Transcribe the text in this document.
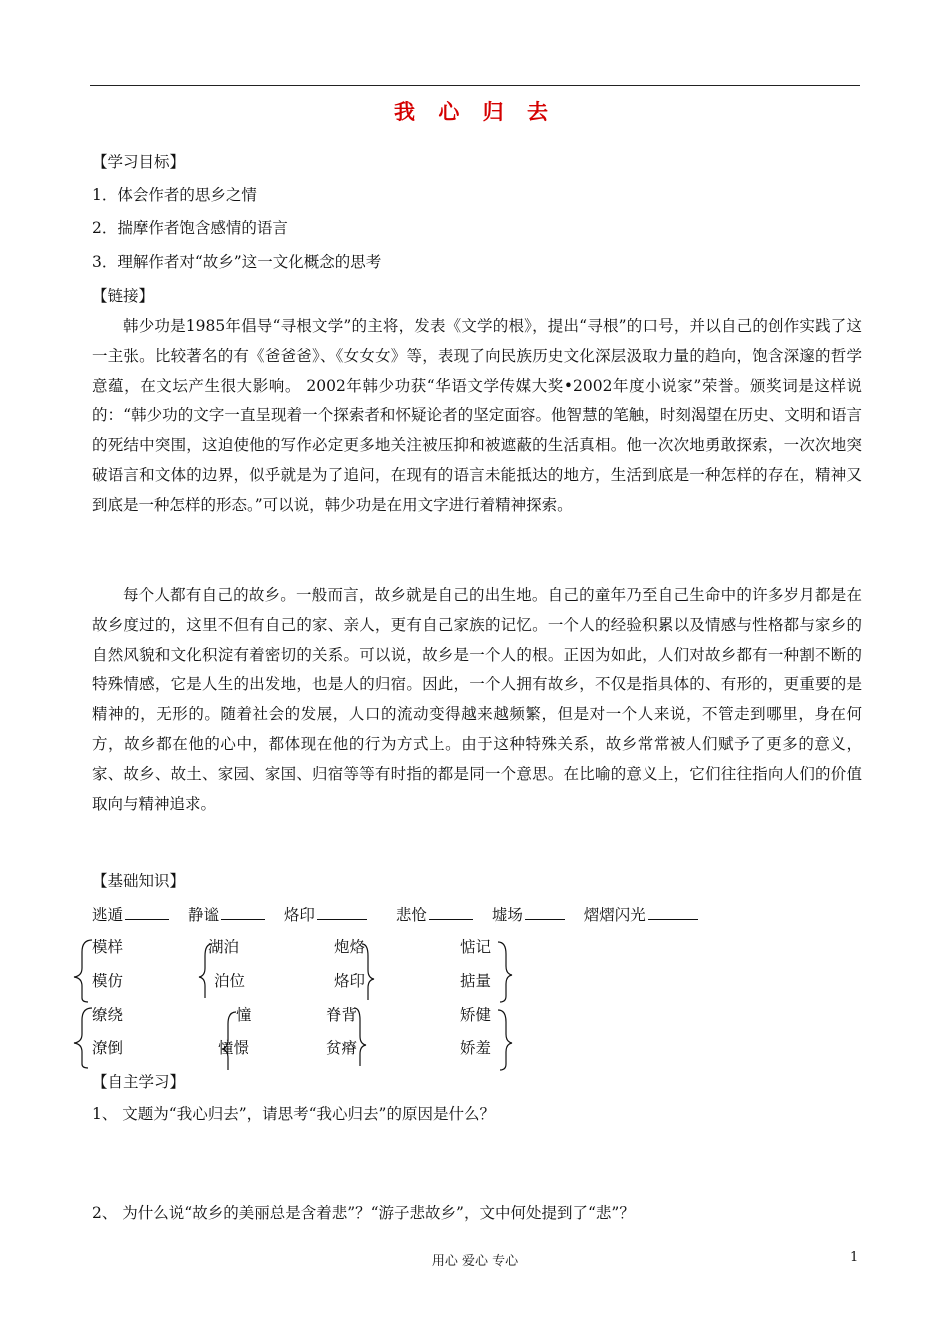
我 心 归 去
【学习目标】
1．体会作者的思乡之情
2．揣摩作者饱含感情的语言
3．理解作者对“故乡”这一文化概念的思考
【链接】

韩少功是1985年倡导“寻根文学”的主将，发表《文学的根》，提出“寻根”的口号，并以自己的创作实践了这一主张。比较著名的有《爸爸爸》、《女女女》等，表现了向民族历史文化深层汲取力量的趋向，饱含深邃的哲学意蕴，在文坛产生很大影响。 2002年韩少功获“华语文学传媒大奖•2002年度小说家”荣誉。颁奖词是这样说的：“韩少功的文字一直呈现着一个探索者和怀疑论者的坚定面容。他智慧的笔触，时刻渴望在历史、文明和语言的死结中突围，这迫使他的写作必定更多地关注被压抑和被遮蔽的生活真相。他一次次地勇敢探索，一次次地突破语言和文体的边界，似乎就是为了追问，在现有的语言未能抵达的地方，生活到底是一种怎样的存在，精神又到底是一种怎样的形态。”可以说，韩少功是在用文字进行着精神探索。

每个人都有自己的故乡。一般而言，故乡就是自己的出生地。自己的童年乃至自己生命中的许多岁月都是在故乡度过的，这里不但有自己的家、亲人，更有自己家族的记忆。一个人的经验积累以及情感与性格都与家乡的自然风貌和文化积淀有着密切的关系。可以说，故乡是一个人的根。正因为如此，人们对故乡都有一种割不断的特殊情感，它是人生的出发地，也是人的归宿。因此，一个人拥有故乡，不仅是指具体的、有形的，更重要的是精神的，无形的。随着社会的发展，人口的流动变得越来越频繁，但是对一个人来说，不管走到哪里，身在何方，故乡都在他的心中，都体现在他的行为方式上。由于这种特殊关系，故乡常常被人们赋予了更多的意义，家、故乡、故土、家园、家国、归宿等等有时指的都是同一个意思。在比喻的意义上，它们往往指向人们的价值取向与精神追求。

【基础知识】
逃遁	静谧	烙印	悲怆	墟场	熠熠闪光
模样
模仿
缭绕
潦倒
湖泊
泊位
憧
憧憬
炮烙
烙印
脊背
贫瘠
惦记
掂量
矫健
娇羞
【自主学习】
1、 文题为“我心归去”，请思考“我心归去”的原因是什么？
2、 为什么说“故乡的美丽总是含着悲”？“游子悲故乡”，文中何处提到了“悲”？
用心 爱心 专心	1
